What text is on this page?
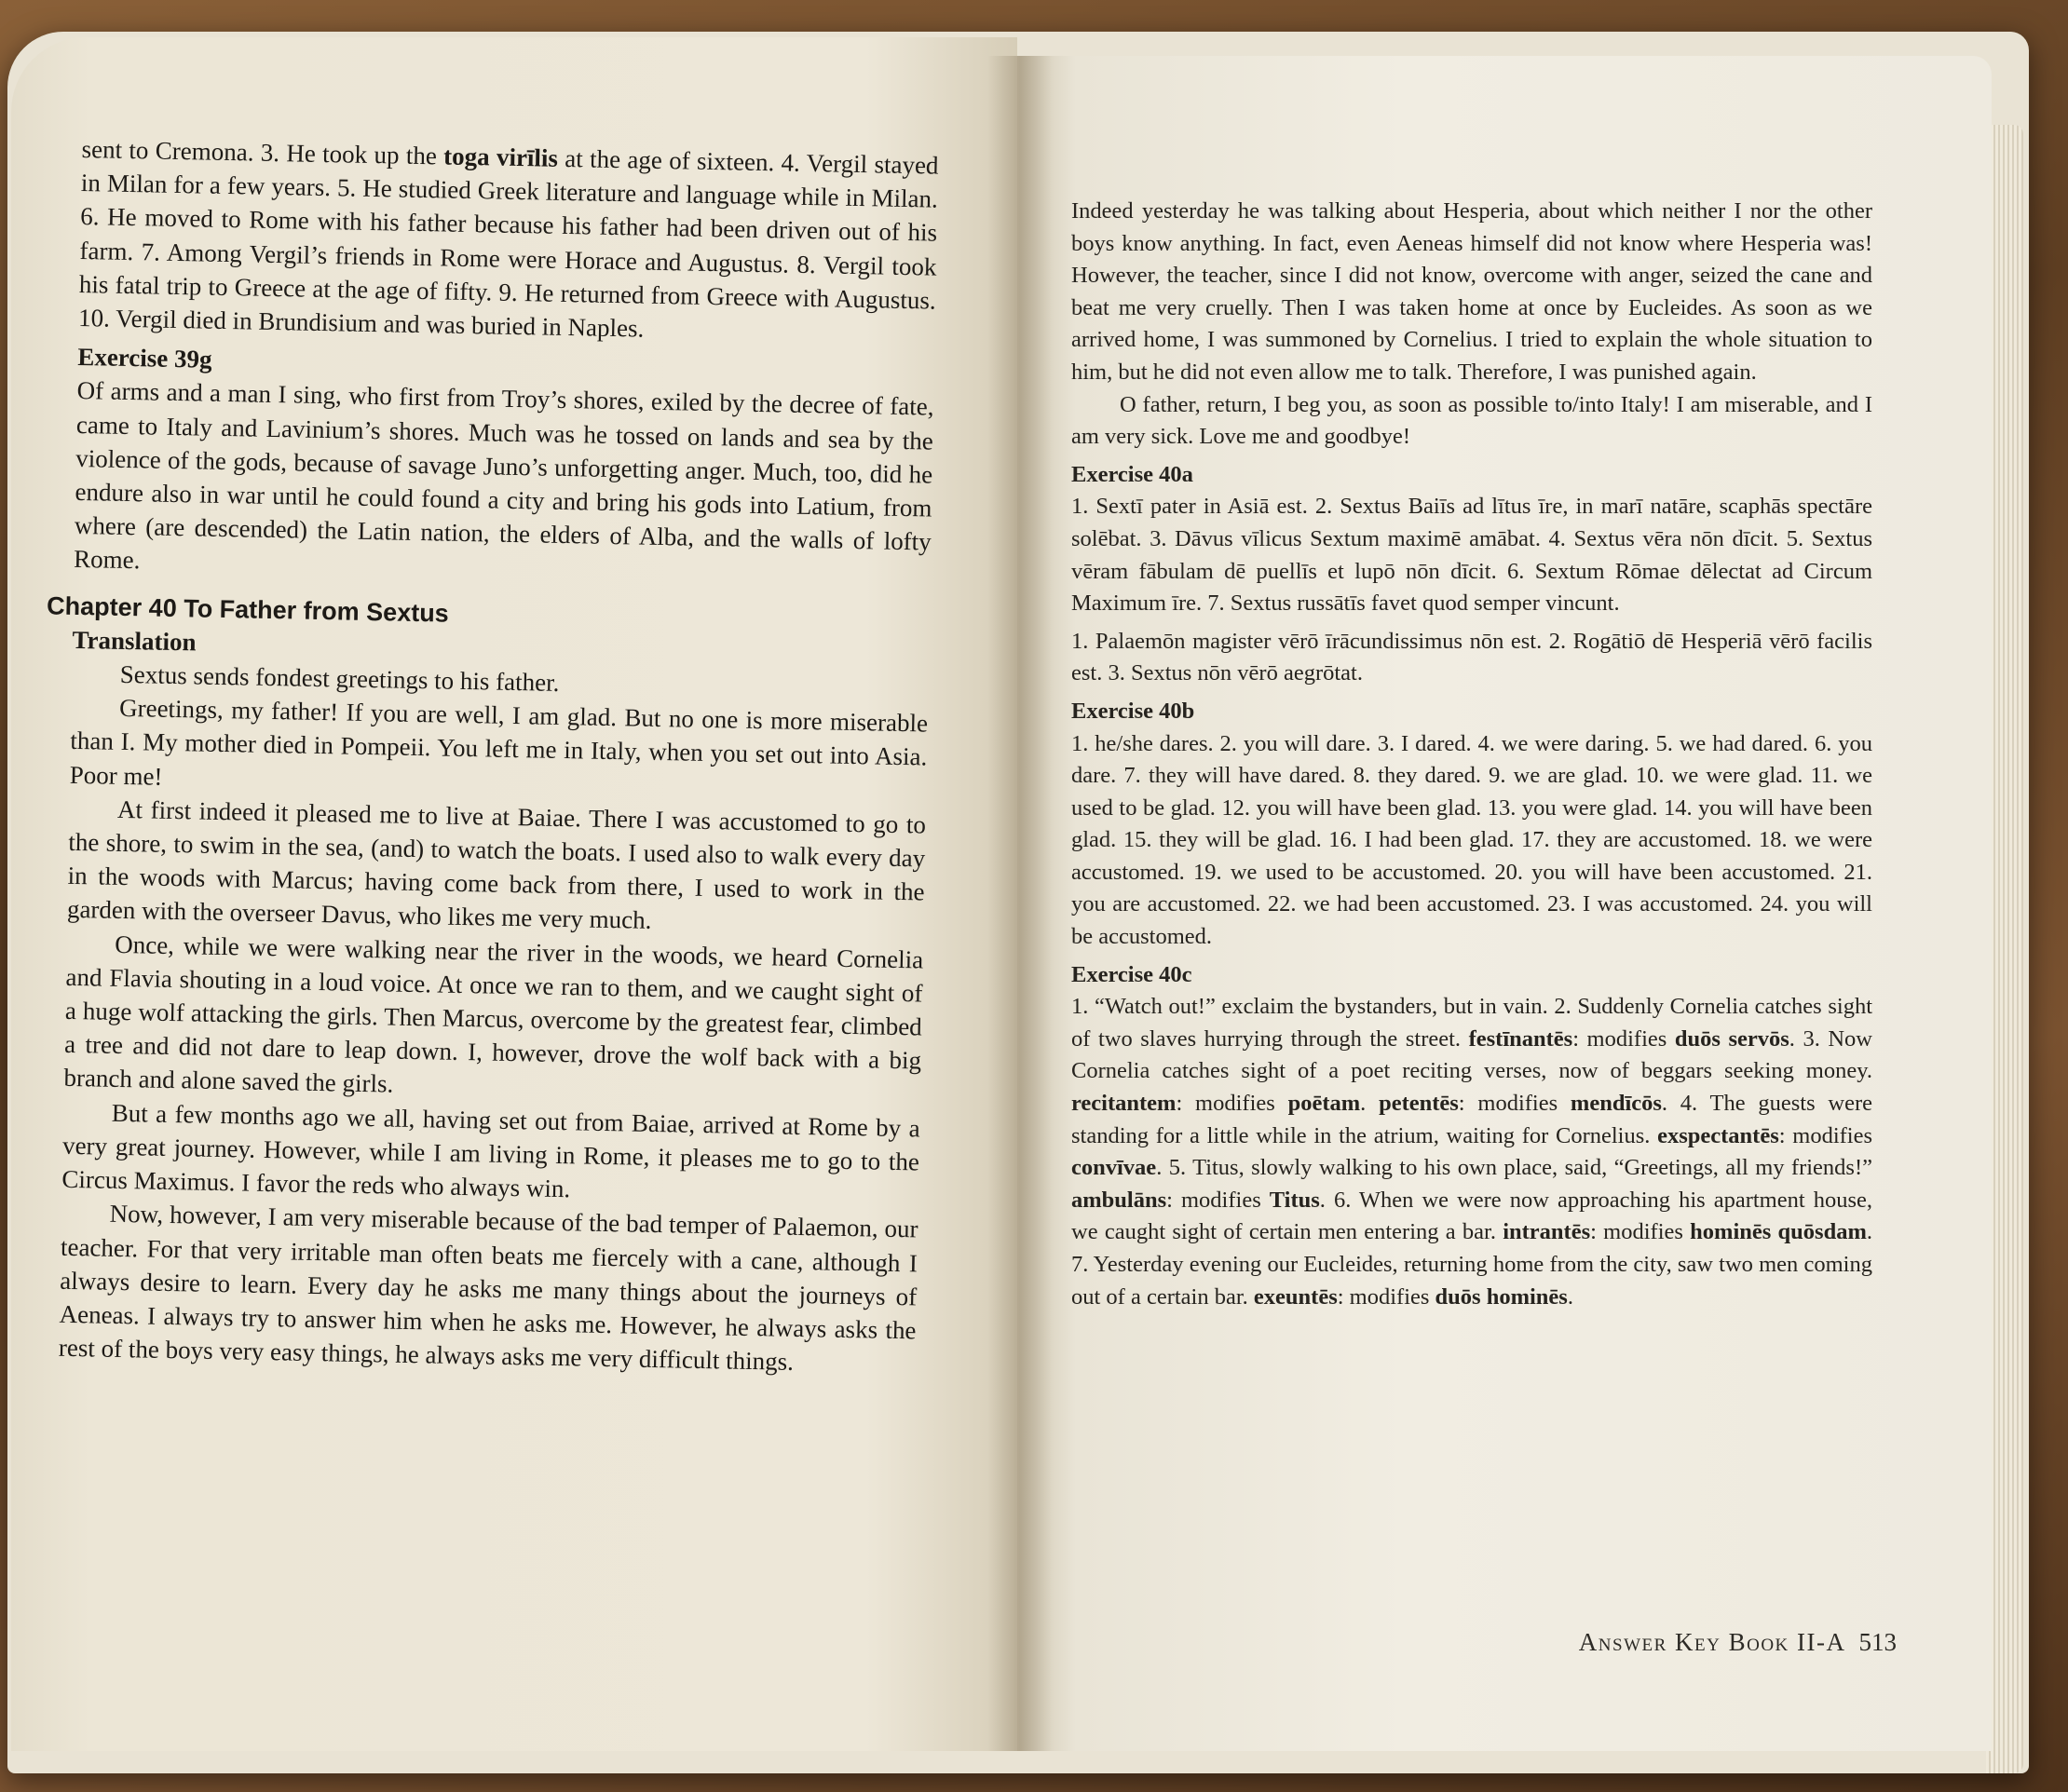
sent to Cremona. 3. He took up the toga virīlis at the age of sixteen. 4. Vergil stayed in Milan for a few years. 5. He studied Greek literature and language while in Milan. 6. He moved to Rome with his father because his father had been driven out of his farm. 7. Among Vergil’s friends in Rome were Horace and Augustus. 8. Vergil took his fatal trip to Greece at the age of fifty. 9. He returned from Greece with Augustus. 10. Vergil died in Brundisium and was buried in Naples.

Exercise 39g

Of arms and a man I sing, who first from Troy’s shores, exiled by the decree of fate, came to Italy and Lavinium’s shores. Much was he tossed on lands and sea by the violence of the gods, because of savage Juno’s unforgetting anger. Much, too, did he endure also in war until he could found a city and bring his gods into Latium, from where (are descended) the Latin nation, the elders of Alba, and the walls of lofty Rome.

Chapter 40 To Father from Sextus

Translation

Sextus sends fondest greetings to his father.

Greetings, my father! If you are well, I am glad. But no one is more miserable than I. My mother died in Pompeii. You left me in Italy, when you set out into Asia. Poor me!

At first indeed it pleased me to live at Baiae. There I was accustomed to go to the shore, to swim in the sea, (and) to watch the boats. I used also to walk every day in the woods with Marcus; having come back from there, I used to work in the garden with the overseer Davus, who likes me very much.

Once, while we were walking near the river in the woods, we heard Cornelia and Flavia shouting in a loud voice. At once we ran to them, and we caught sight of a huge wolf attacking the girls. Then Marcus, overcome by the greatest fear, climbed a tree and did not dare to leap down. I, however, drove the wolf back with a big branch and alone saved the girls.

But a few months ago we all, having set out from Baiae, arrived at Rome by a very great journey. However, while I am living in Rome, it pleases me to go to the Circus Maximus. I favor the reds who always win.

Now, however, I am very miserable because of the bad temper of Palaemon, our teacher. For that very irritable man often beats me fiercely with a cane, although I always desire to learn. Every day he asks me many things about the journeys of Aeneas. I always try to answer him when he asks me. However, he always asks the rest of the boys very easy things, he always asks me very difficult things.

Indeed yesterday he was talking about Hesperia, about which neither I nor the other boys know anything. In fact, even Aeneas himself did not know where Hesperia was! However, the teacher, since I did not know, overcome with anger, seized the cane and beat me very cruelly. Then I was taken home at once by Eucleides. As soon as we arrived home, I was summoned by Cornelius. I tried to explain the whole situation to him, but he did not even allow me to talk. Therefore, I was punished again.

O father, return, I beg you, as soon as possible to/into Italy! I am miserable, and I am very sick. Love me and goodbye!

Exercise 40a

1. Sextī pater in Asiā est. 2. Sextus Baiīs ad lītus īre, in marī natāre, scaphās spectāre solēbat. 3. Dāvus vīlicus Sextum maximē amābat. 4. Sextus vēra nōn dīcit. 5. Sextus vēram fābulam dē puellīs et lupō nōn dīcit. 6. Sextum Rōmae dēlectat ad Circum Maximum īre. 7. Sextus russātīs favet quod semper vincunt.

1. Palaemōn magister vērō īrācundissimus nōn est. 2. Rogātiō dē Hesperiā vērō facilis est. 3. Sextus nōn vērō aegrōtat.

Exercise 40b

1. he/she dares. 2. you will dare. 3. I dared. 4. we were daring. 5. we had dared. 6. you dare. 7. they will have dared. 8. they dared. 9. we are glad. 10. we were glad. 11. we used to be glad. 12. you will have been glad. 13. you were glad. 14. you will have been glad. 15. they will be glad. 16. I had been glad. 17. they are accustomed. 18. we were accustomed. 19. we used to be accustomed. 20. you will have been accustomed. 21. you are accustomed. 22. we had been accustomed. 23. I was accustomed. 24. you will be accustomed.

Exercise 40c

1. “Watch out!” exclaim the bystanders, but in vain. 2. Suddenly Cornelia catches sight of two slaves hurrying through the street. festīnantēs: modifies duōs servōs. 3. Now Cornelia catches sight of a poet reciting verses, now of beggars seeking money. recitantem: modifies poētam. petentēs: modifies mendīcōs. 4. The guests were standing for a little while in the atrium, waiting for Cornelius. exspectantēs: modifies convīvae. 5. Titus, slowly walking to his own place, said, “Greetings, all my friends!” ambulāns: modifies Titus. 6. When we were now approaching his apartment house, we caught sight of certain men entering a bar. intrantēs: modifies hominēs quōsdam. 7. Yesterday evening our Eucleides, returning home from the city, saw two men coming out of a certain bar. exeuntēs: modifies duōs hominēs.

Answer Key Book II-A 513
